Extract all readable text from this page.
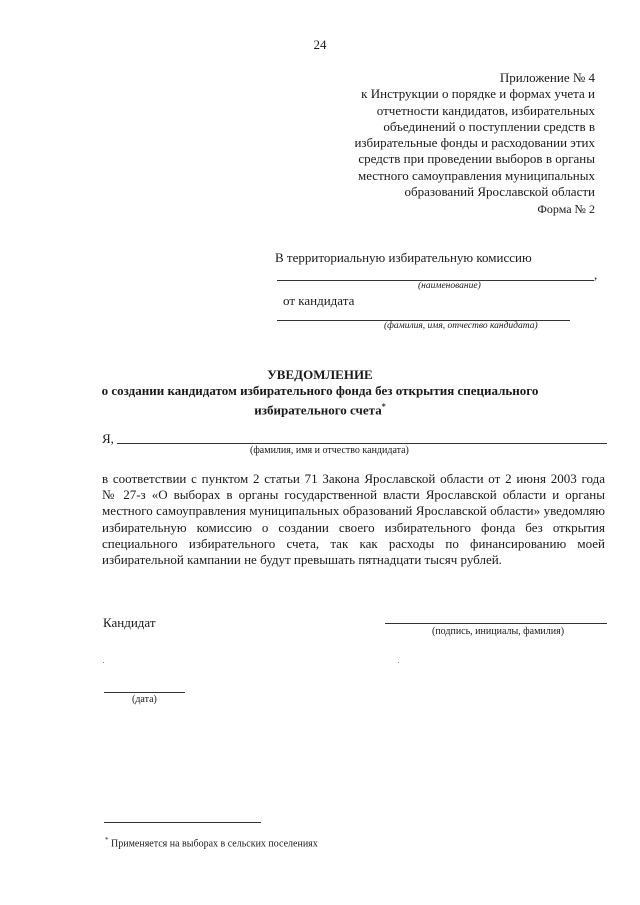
24
Приложение № 4
к Инструкции о порядке и формах учета и
отчетности кандидатов, избирательных
объединений о поступлении средств в
избирательные фонды и расходовании этих
средств при проведении выборов в органы
местного самоуправления муниципальных
образований Ярославской области
Форма № 2
В территориальную избирательную комиссию
,
(наименование)
от кандидата
(фамилия, имя, отчество кандидата)
УВЕДОМЛЕНИЕ
о создании кандидатом избирательного фонда без открытия специального
избирательного счета*
Я,
(фамилия, имя и отчество кандидата)
в соответствии с пунктом 2 статьи 71 Закона Ярославской области от 2 июня 2003 года
№ 27-з «О выборах в органы государственной власти Ярославской области и органы
местного самоуправления муниципальных образований Ярославской области» уведомляю
избирательную комиссию о создании своего избирательного фонда без открытия
специального избирательного счета, так как расходы по финансированию моей
избирательной кампании не будут превышать пятнадцати тысяч рублей.
Кандидат
(подпись, инициалы, фамилия)
(дата)
* Применяется на выборах в сельских поселениях
